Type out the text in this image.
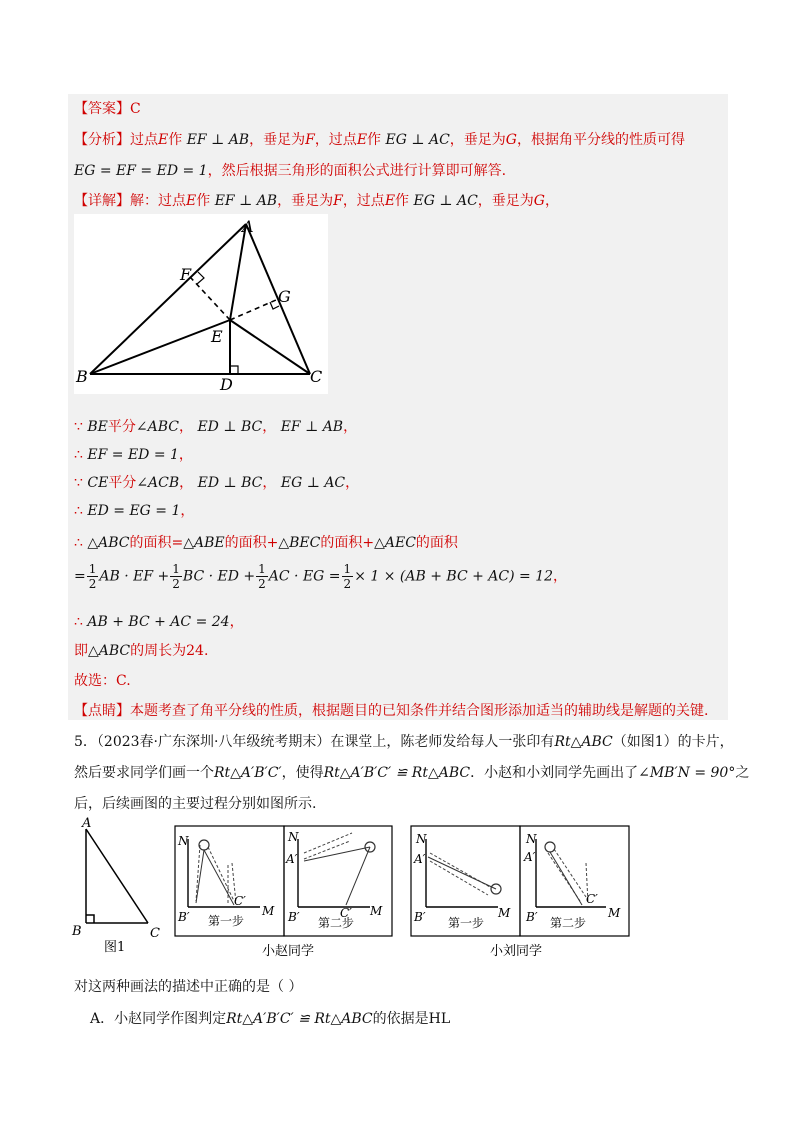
【答案】C
【分析】过点E作 EF ⊥ AB，垂足为F，过点E作 EG ⊥ AC，垂足为G，根据角平分线的性质可得
EG = EF = ED = 1，然后根据三角形的面积公式进行计算即可解答.
【详解】解：过点E作 EF ⊥ AB，垂足为F，过点E作 EG ⊥ AC，垂足为G，
A
B	C
D
E
F
G
∵ BE平分∠ABC， ED ⊥ BC， EF ⊥ AB，
∴ EF = ED = 1，
∵ CE平分∠ACB， ED ⊥ BC， EG ⊥ AC，
∴ ED = EG = 1，
∴ △ABC的面积=△ABE的面积+△BEC的面积+△AEC的面积
= $\frac{1}{2}$ AB · EF + $\frac{1}{2}$ BC · ED + $\frac{1}{2}$ AC · EG = $\frac{1}{2} \times 1 \times (AB$ + BC + AC) = 12，
∴ AB + BC + AC = 24，
即△ABC的周长为24.
故选：C.
【点睛】本题考查了角平分线的性质，根据题目的已知条件并结合图形添加适当的辅助线是解题的关键.
5．（2023春·广东深圳·八年级统考期末）在课堂上，陈老师发给每人一张印有Rt△ABC（如图1）的卡片，
然后要求同学们画一个Rt△A′B′C′，使得Rt△A′B′C′ ≌ Rt△ABC．小赵和小刘同学先画出了∠MB′N = 90°之
后，后续画图的主要过程分别如图所示.
A
B	C
图1
N
B′
C′
M
第一步
N
A′
B′	C′ M
第二步
小赵同学
N
A′
B′	M
第一步
N
A′
B′
C′
M
第二步
小刘同学
对这两种画法的描述中正确的是（ ）
A．小赵同学作图判定Rt△A′B′C′ ≌ Rt△ABC的依据是HL
